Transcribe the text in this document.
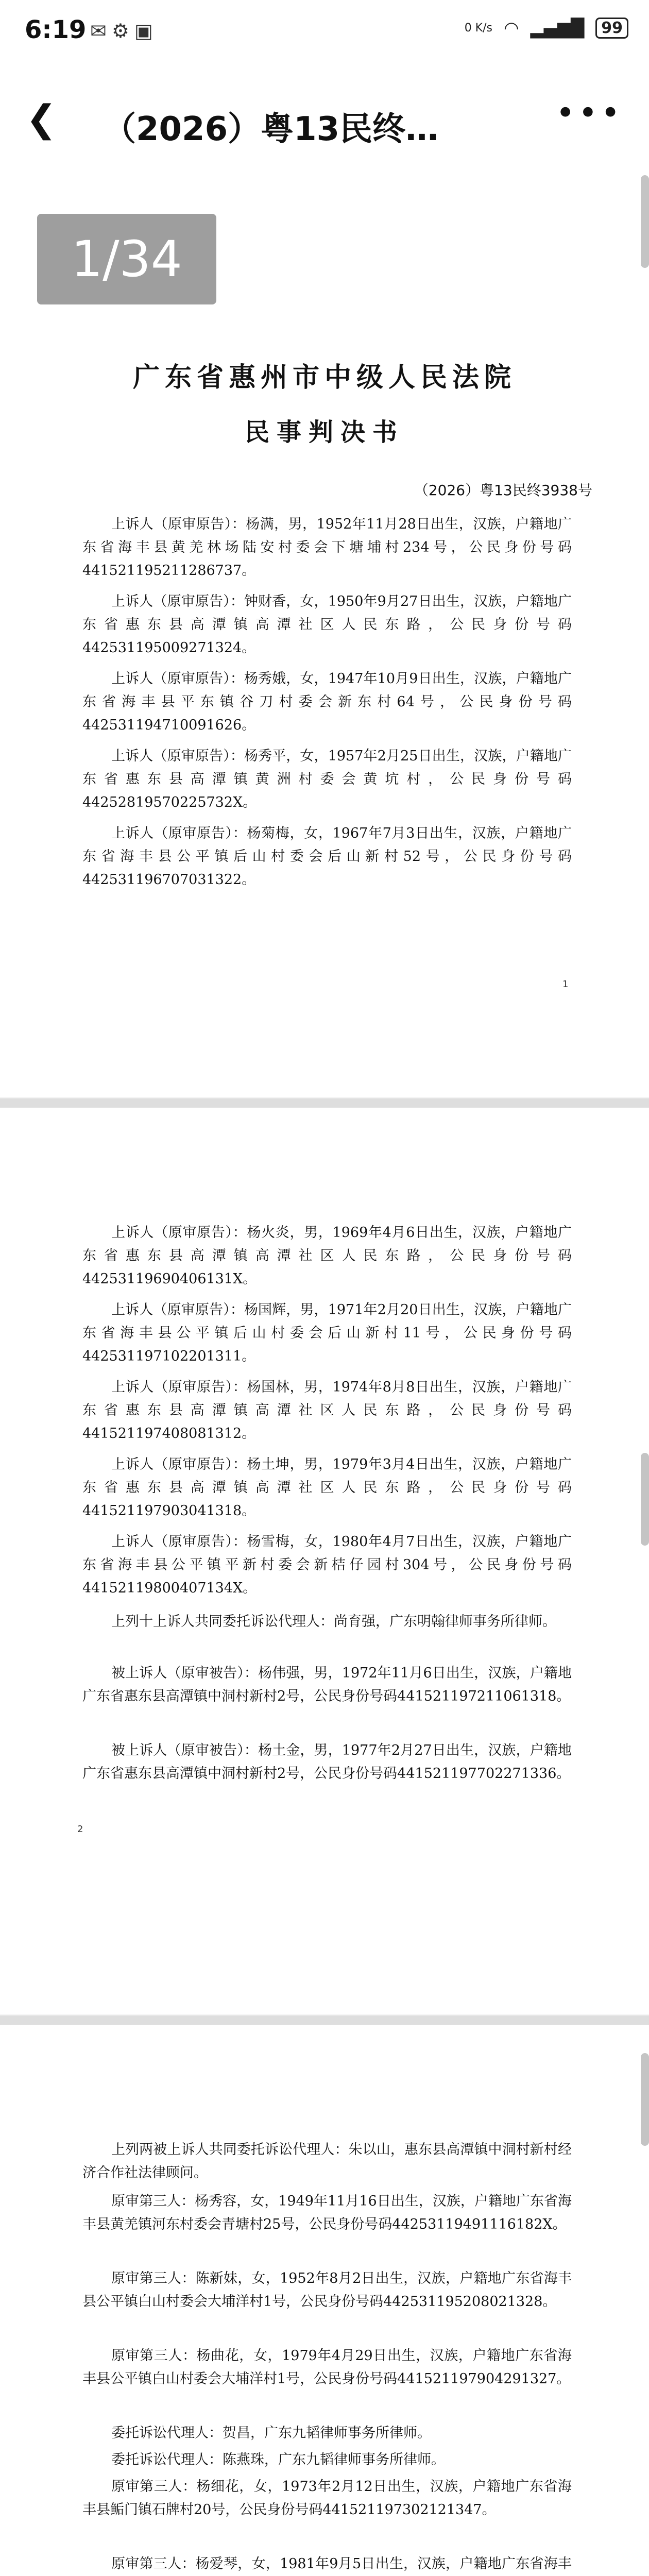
6:19 ✉⚙▣	0 K/s ◠ ▂▄▆█	99
❮ （2026）粤13民终…	•••
1/34
广东省惠州市中级人民法院
民事判决书
（2026）粤13民终3938号
上诉人（原审原告）：杨满，男，1952年11月28日出生，汉族，户籍地广东省海丰县黄羌林场陆安村委会下塘埔村234号，公民身份号码441521195211286737。
上诉人（原审原告）：钟财香，女，1950年9月27日出生，汉族，户籍地广东省惠东县高潭镇高潭社区人民东路，公民身份号码442531195009271324。
上诉人（原审原告）：杨秀娥，女，1947年10月9日出生，汉族，户籍地广东省海丰县平东镇谷刀村委会新东村64号，公民身份号码442531194710091626。
上诉人（原审原告）：杨秀平，女，1957年2月25日出生，汉族，户籍地广东省惠东县高潭镇黄洲村委会黄坑村，公民身份号码44252819570225732X。
上诉人（原审原告）：杨菊梅，女，1967年7月3日出生，汉族，户籍地广东省海丰县公平镇后山村委会后山新村52号，公民身份号码442531196707031322。
1
上诉人（原审原告）：杨火炎，男，1969年4月6日出生，汉族，户籍地广东省惠东县高潭镇高潭社区人民东路，公民身份号码44253119690406131X。
上诉人（原审原告）：杨国辉，男，1971年2月20日出生，汉族，户籍地广东省海丰县公平镇后山村委会后山新村11号，公民身份号码442531197102201311。
上诉人（原审原告）：杨国林，男，1974年8月8日出生，汉族，户籍地广东省惠东县高潭镇高潭社区人民东路，公民身份号码441521197408081312。
上诉人（原审原告）：杨土坤，男，1979年3月4日出生，汉族，户籍地广东省惠东县高潭镇高潭社区人民东路，公民身份号码441521197903041318。
上诉人（原审原告）：杨雪梅，女，1980年4月7日出生，汉族，户籍地广东省海丰县公平镇平新村委会新桔仔园村304号，公民身份号码44152119800407134X。
上列十上诉人共同委托诉讼代理人：尚育强，广东明翰律师事务所律师。
被上诉人（原审被告）：杨伟强，男，1972年11月6日出生，汉族，户籍地广东省惠东县高潭镇中洞村新村2号，公民身份号码441521197211061318。
被上诉人（原审被告）：杨土金，男，1977年2月27日出生，汉族，户籍地广东省惠东县高潭镇中洞村新村2号，公民身份号码441521197702271336。
2
上列两被上诉人共同委托诉讼代理人：朱以山，惠东县高潭镇中洞村新村经济合作社法律顾问。
原审第三人：杨秀容，女，1949年11月16日出生，汉族，户籍地广东省海丰县黄羌镇河东村委会青塘村25号，公民身份号码44253119491116182X。
原审第三人：陈新妹，女，1952年8月2日出生，汉族，户籍地广东省海丰县公平镇白山村委会大埔洋村1号，公民身份号码442531195208021328。
原审第三人：杨曲花，女，1979年4月29日出生，汉族，户籍地广东省海丰县公平镇白山村委会大埔洋村1号，公民身份号码441521197904291327。
委托诉讼代理人：贺昌，广东九韬律师事务所律师。
委托诉讼代理人：陈燕珠，广东九韬律师事务所律师。
原审第三人：杨细花，女，1973年2月12日出生，汉族，户籍地广东省海丰县鲘门镇石牌村20号，公民身份号码441521197302121347。
原审第三人：杨爱琴，女，1981年9月5日出生，汉族，户籍地广东省海丰
